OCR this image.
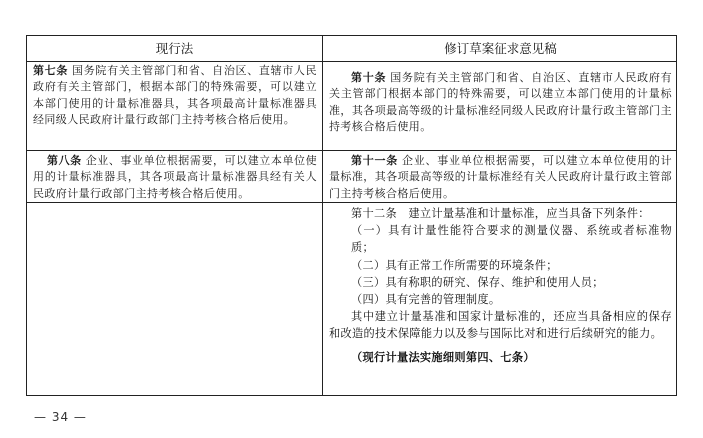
现行法	修订草案征求意见稿
第七条 国务院有关主管部门和省、自治区、直辖市人民政府有关主管部门，根据本部门的特殊需要，可以建立本部门使用的计量标准器具，其各项最高计量标准器具经同级人民政府计量行政部门主持考核合格后使用。
第十条 国务院有关主管部门和省、自治区、直辖市人民政府有关主管部门根据本部门的特殊需要，可以建立本部门使用的计量标准，其各项最高等级的计量标准经同级人民政府计量行政主管部门主持考核合格后使用。
第八条 企业、事业单位根据需要，可以建立本单位使用的计量标准器具，其各项最高计量标准器具经有关人民政府计量行政部门主持考核合格后使用。
第十一条 企业、事业单位根据需要，可以建立本单位使用的计量标准，其各项最高等级的计量标准经有关人民政府计量行政主管部门主持考核合格后使用。

第十二条　建立计量基准和计量标准，应当具备下列条件：

（一）具有计量性能符合要求的测量仪器、系统或者标准物质；

（二）具有正常工作所需要的环境条件；

（三）具有称职的研究、保存、维护和使用人员；

（四）具有完善的管理制度。

其中建立计量基准和国家计量标准的，还应当具备相应的保存和改造的技术保障能力以及参与国际比对和进行后续研究的能力。

（现行计量法实施细则第四、七条）

— 34 —
